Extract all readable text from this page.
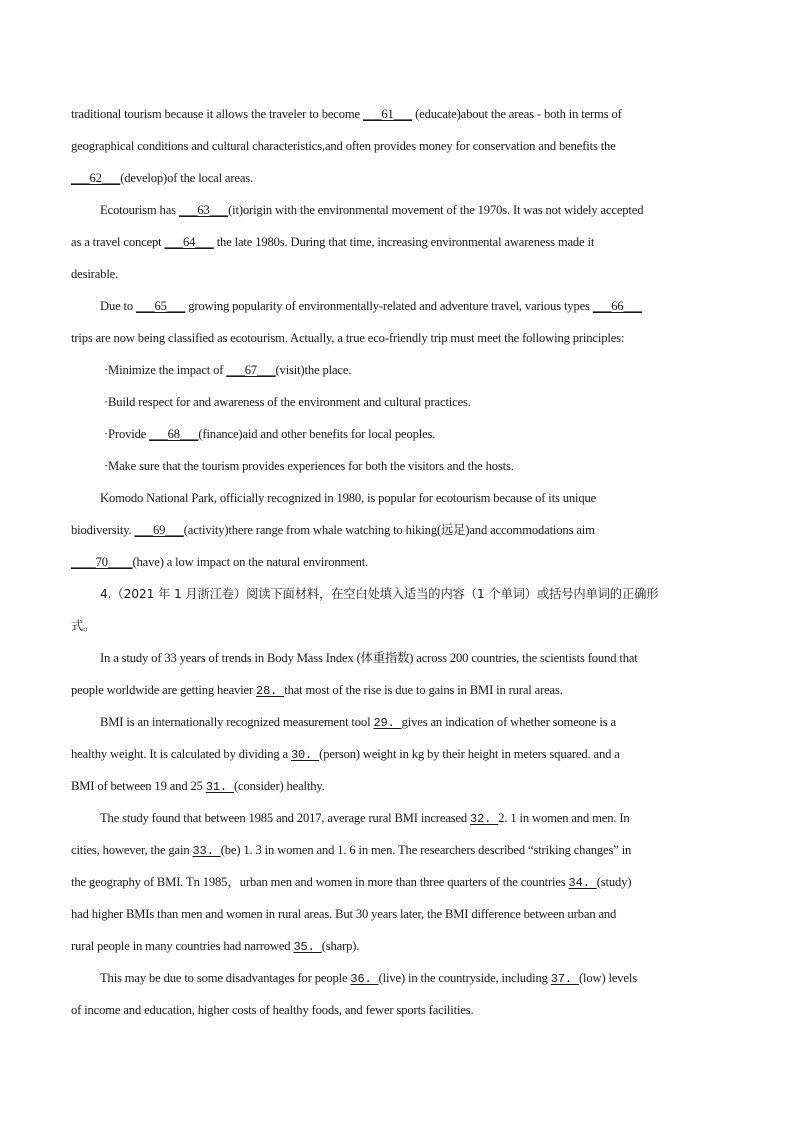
traditional tourism because it allows the traveler to become ___61___ (educate)about the areas - both in terms of
geographical conditions and cultural characteristics,and often provides money for conservation and benefits the
___62___(develop)of the local areas.
Ecotourism has ___63___(it)origin with the environmental movement of the 1970s. It was not widely accepted
as a travel concept ___64___ the late 1980s. During that time, increasing environmental awareness made it
desirable.
Due to ___65___ growing popularity of environmentally-related and adventure travel, various types ___66___
trips are now being classified as ecotourism. Actually, a true eco-friendly trip must meet the following principles:
·Minimize the impact of ___67___(visit)the place.
·Build respect for and awareness of the environment and cultural practices.
·Provide ___68___(finance)aid and other benefits for local peoples.
·Make sure that the tourism provides experiences for both the visitors and the hosts.
Komodo National Park, officially recognized in 1980, is popular for ecotourism because of its unique
biodiversity. ___69___(activity)there range from whale watching to hiking(远足)and accommodations aim
____70____(have) a low impact on the natural environment.
4.（2021 年 1 月浙江卷）阅读下面材料，在空白处填入适当的内容（1 个单词）或括号内单词的正确形
式。
In a study of 33 years of trends in Body Mass Index (体重指数) across 200 countries, the scientists found that
people worldwide are getting heavier 28. that most of the rise is due to gains in BMI in rural areas.
BMI is an internationally recognized measurement tool 29. gives an indication of whether someone is a
healthy weight. It is calculated by dividing a 30. (person) weight in kg by their height in meters squared. and a
BMI of between 19 and 25 31. (consider) healthy.
The study found that between 1985 and 2017, average rural BMI increased 32. 2. 1 in women and men. In
cities, however, the gain 33. (be) 1. 3 in women and 1. 6 in men. The researchers described “striking changes” in
the geography of BMI. Tn 1985，urban men and women in more than three quarters of the countries 34. (study)
had higher BMIs than men and women in rural areas. But 30 years later, the BMI difference between urban and
rural people in many countries had narrowed 35. (sharp).
This may be due to some disadvantages for people 36. (live) in the countryside, including 37. (low) levels
of income and education, higher costs of healthy foods, and fewer sports facilities.
